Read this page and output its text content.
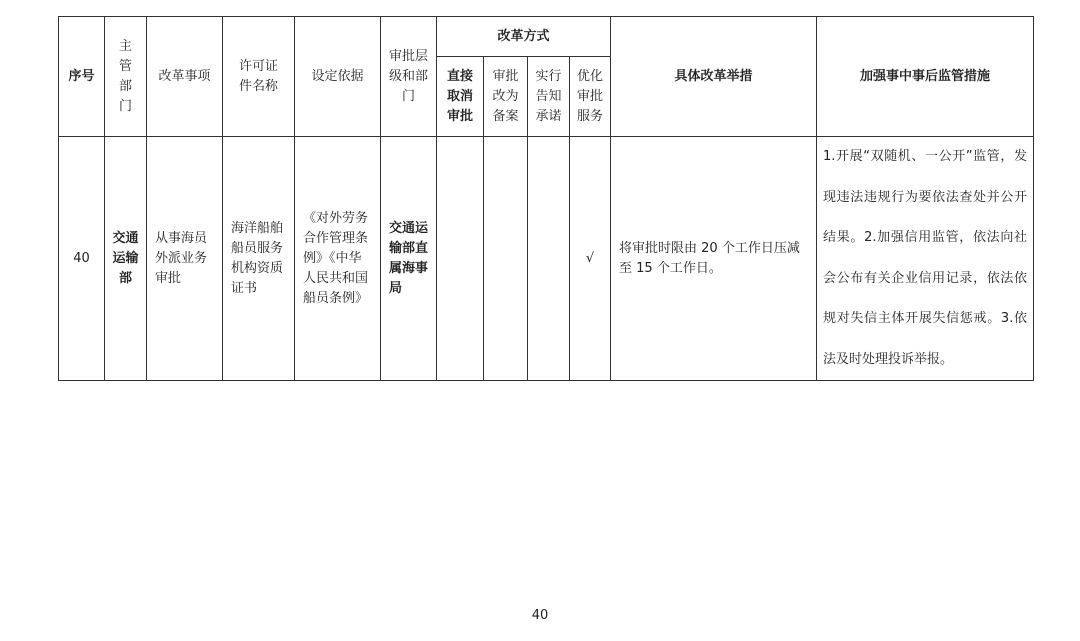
序号	主管部门	改革事项	许可证件名称	设定依据	审批层级和部门	改革方式				具体改革举措	加强事中事后监管措施

						直接取消审批	审批改为备案	实行告知承诺	优化审批服务		

40	交通运输部	从事海员外派业务审批	海洋船舶船员服务机构资质证书	《对外劳务合作管理条例》《中华人民共和国船员条例》	交通运输部直属海事局				√	将审批时限由 20 个工作日压减至 15 个工作日。	1.开展“双随机、一公开”监管，发现违法违规行为要依法查处并公开结果。2.加强信用监管，依法向社会公布有关企业信用记录，依法依规对失信主体开展失信惩戒。3.依法及时处理投诉举报。
40
